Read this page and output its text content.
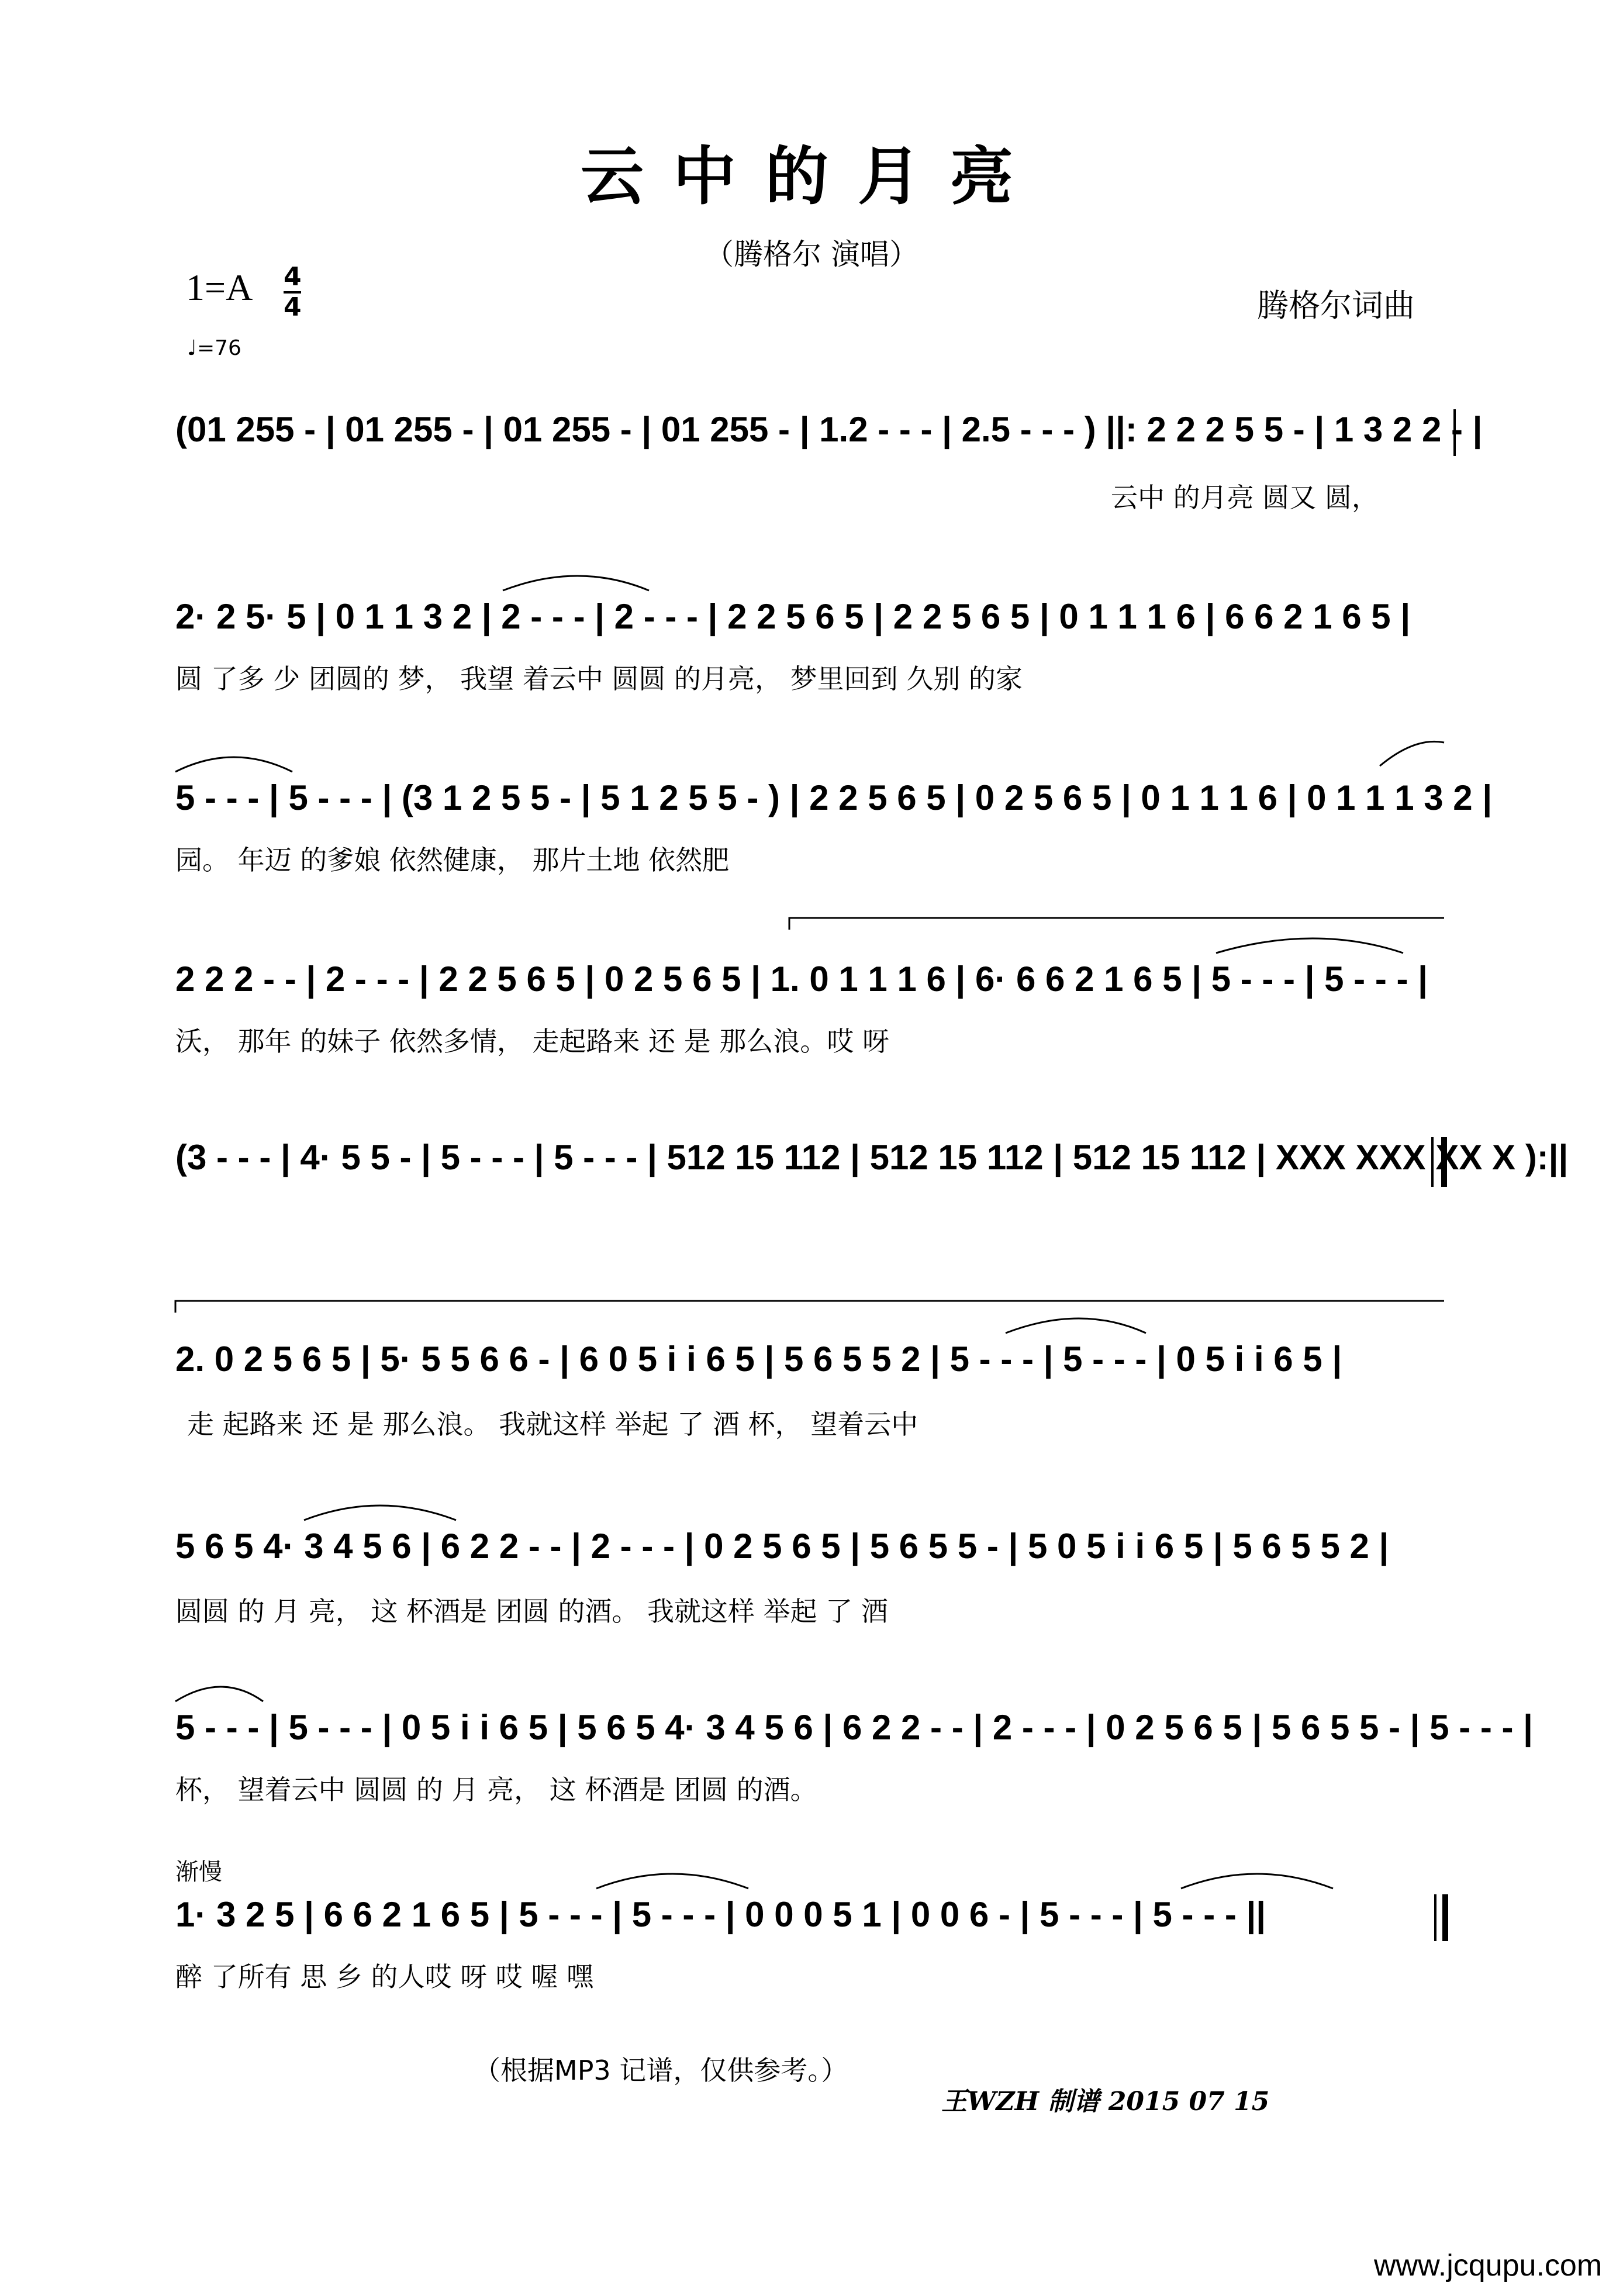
云中的月亮
（腾格尔 演唱）
1=A 4
4	腾格尔词曲
♩=76
(01 255 - | 01 255 - | 01 255 - | 01 255 - | 1.2 - - - | 2.5 - - - ) ||: 2 2 2 5 5 - | 1 3 2 2 - |
云中 的月亮 圆又 圆，
2· 2 5· 5 | 0 1 1 3 2 | 2 - - - | 2 - - - | 2 2 5 6 5 | 2 2 5 6 5 | 0 1 1 1 6 | 6 6 2 1 6 5 |
圆 了多 少 团圆的 梦， 我望 着云中 圆圆 的月亮， 梦里回到 久别 的家
5 - - - | 5 - - - | (3 1 2 5 5 - | 5 1 2 5 5 - ) | 2 2 5 6 5 | 0 2 5 6 5 | 0 1 1 1 6 | 0 1 1 1 3 2 |
园。 年迈 的爹娘 依然健康， 那片土地 依然肥
2 2 2 - - | 2 - - - | 2 2 5 6 5 | 0 2 5 6 5 | 1. 0 1 1 1 6 | 6· 6 6 2 1 6 5 | 5 - - - | 5 - - - |
沃， 那年 的妹子 依然多情， 走起路来 还 是 那么浪。哎 呀
(3 - - - | 4· 5 5 - | 5 - - - | 5 - - - | 512 15 112 | 512 15 112 | 512 15 112 | XXX XXX XX X ):||
2. 0 2 5 6 5 | 5· 5 5 6 6 - | 6 0 5 i i 6 5 | 5 6 5 5 2 | 5 - - - | 5 - - - | 0 5 i i 6 5 |
走 起路来 还 是 那么浪。 我就这样 举起 了 酒 杯， 望着云中
5 6 5 4· 3 4 5 6 | 6 2 2 - - | 2 - - - | 0 2 5 6 5 | 5 6 5 5 - | 5 0 5 i i 6 5 | 5 6 5 5 2 |
圆圆 的 月 亮， 这 杯酒是 团圆 的酒。 我就这样 举起 了 酒
5 - - - | 5 - - - | 0 5 i i 6 5 | 5 6 5 4· 3 4 5 6 | 6 2 2 - - | 2 - - - | 0 2 5 6 5 | 5 6 5 5 - | 5 - - - |
杯， 望着云中 圆圆 的 月 亮， 这 杯酒是 团圆 的酒。
渐慢
1· 3 2 5 | 6 6 2 1 6 5 | 5 - - - | 5 - - - | 0 0 0 5 1 | 0 0 6 - | 5 - - - | 5 - - - ||
醉 了所有 思 乡 的人哎 呀 哎 喔 嘿
（根据MP3 记谱，仅供参考。）
王WZH 制谱 2015 07 15
www.jcqupu.com
